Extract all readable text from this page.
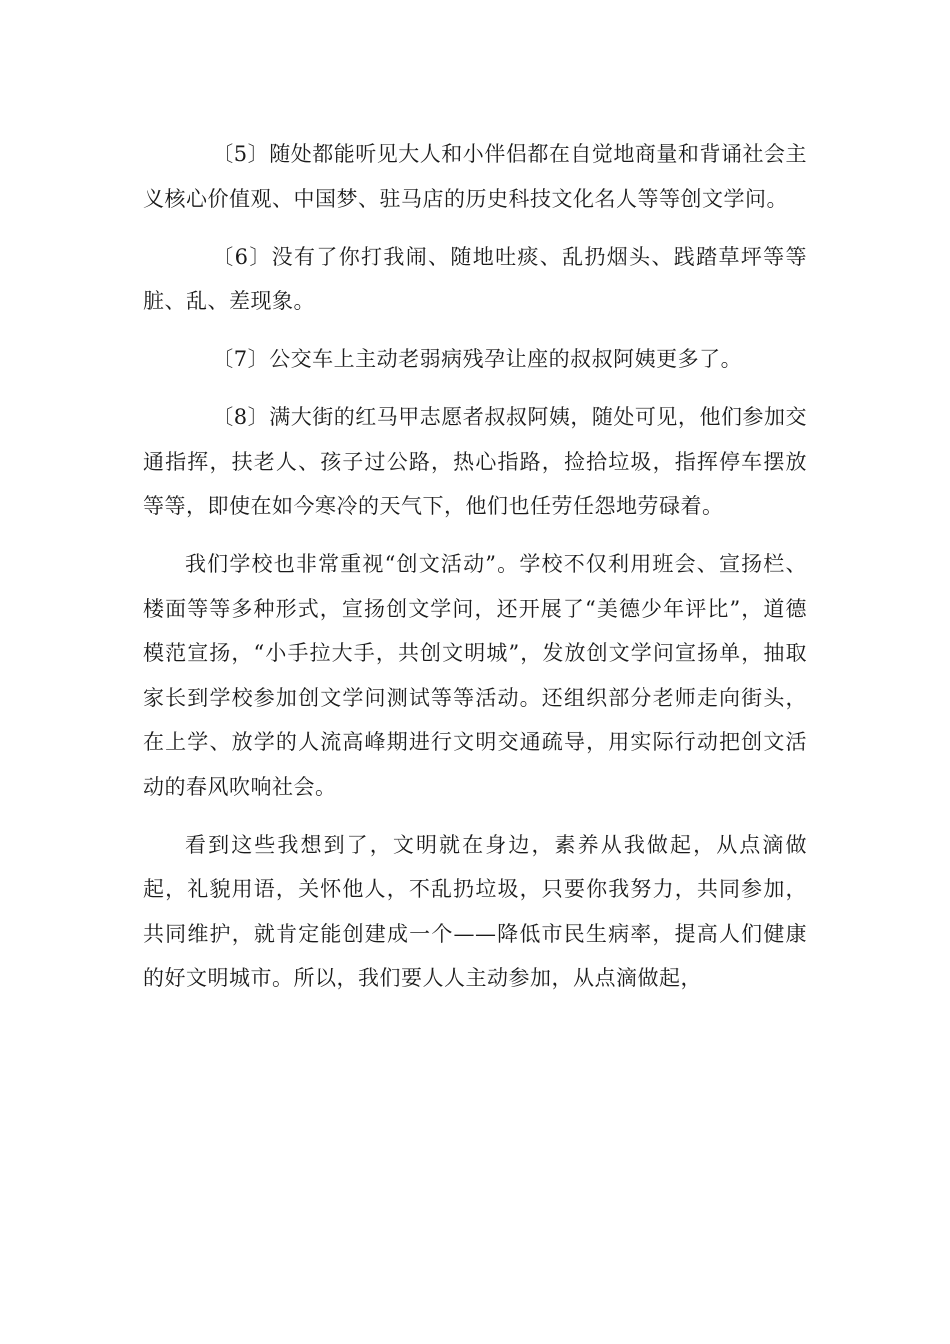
〔5〕随处都能听见大人和小伴侣都在自觉地商量和背诵社会主义核心价值观、中国梦、驻马店的历史科技文化名人等等创文学问。

〔6〕没有了你打我闹、随地吐痰、乱扔烟头、践踏草坪等等脏、乱、差现象。

〔7〕公交车上主动老弱病残孕让座的叔叔阿姨更多了。

〔8〕满大街的红马甲志愿者叔叔阿姨，随处可见，他们参加交通指挥，扶老人、孩子过公路，热心指路，捡拾垃圾，指挥停车摆放等等，即使在如今寒冷的天气下，他们也任劳任怨地劳碌着。

我们学校也非常重视“创文活动”。学校不仅利用班会、宣扬栏、楼面等等多种形式，宣扬创文学问，还开展了“美德少年评比”，道德模范宣扬，“小手拉大手，共创文明城”，发放创文学问宣扬单，抽取家长到学校参加创文学问测试等等活动。还组织部分老师走向街头，在上学、放学的人流高峰期进行文明交通疏导，用实际行动把创文活动的春风吹响社会。

看到这些我想到了，文明就在身边，素养从我做起，从点滴做起，礼貌用语，关怀他人，不乱扔垃圾，只要你我努力，共同参加，共同维护，就肯定能创建成一个——降低市民生病率，提高人们健康的好文明城市。所以，我们要人人主动参加，从点滴做起，
